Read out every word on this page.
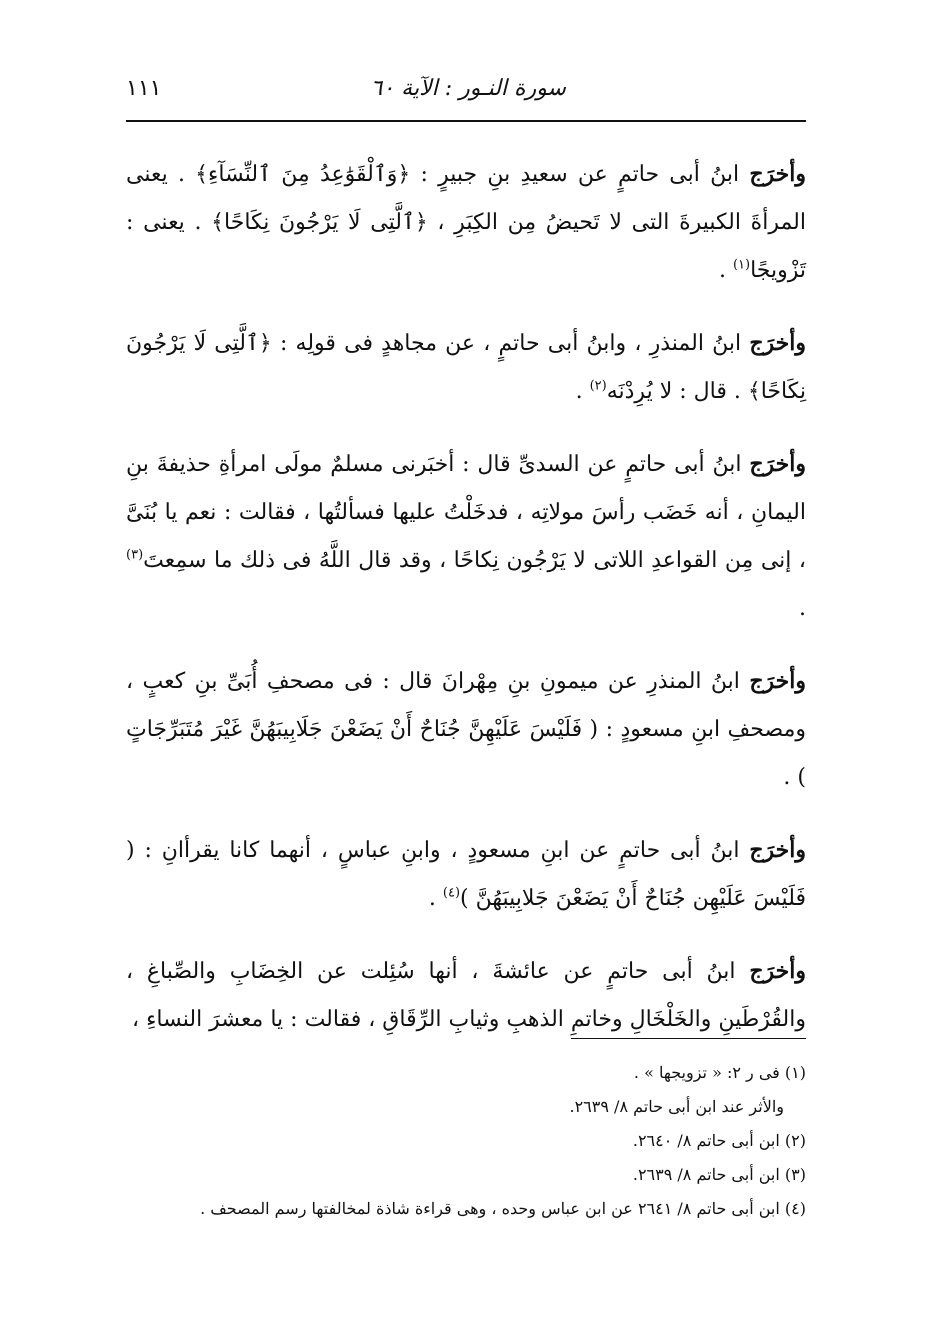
سورة النـور : الآية ٦٠
١١١

وأخرَج ابنُ أبى حاتمٍ عن سعيدِ بنِ جبيرٍ : ﴿وَٱلْقَوَٰعِدُ مِنَ ٱلنِّسَآءِ﴾ . يعنى المرأةَ الكبيرةَ التى لا تَحيضُ مِن الكِبَرِ ، ﴿ٱلَّتِى لَا يَرْجُونَ نِكَاحًا﴾ . يعنى : تَزْويجًا$^{(١)}$ .

وأخرَج ابنُ المنذرِ ، وابنُ أبى حاتمٍ ، عن مجاهدٍ فى قولِه : ﴿ٱلَّتِى لَا يَرْجُونَ نِكَاحًا﴾ . قال : لا يُرِدْنَه$^{(٢)}$ .

وأخرَج ابنُ أبى حاتمٍ عن السدىِّ قال : أخبَرنى مسلمٌ مولَى امرأةِ حذيفةَ بنِ اليمانِ ، أنه خَضَب رأسَ مولاتِه ، فدخَلْتُ عليها فسألتُها ، فقالت : نعم يا بُنَىَّ ، إنى مِن القواعدِ اللاتى لا يَرْجُون نِكاحًا ، وقد قال اللَّهُ فى ذلك ما سمِعتَ$^{(٣)}$ .

وأخرَج ابنُ المنذرِ عن ميمونِ بنِ مِهْرانَ قال : فى مصحفِ أُبَىِّ بنِ كعبٍ ، ومصحفِ ابنِ مسعودٍ : ( فَلَيْسَ عَلَيْهِنَّ جُنَاحٌ أَنْ يَضَعْنَ جَلَابِيبَهُنَّ غَيْرَ مُتَبَرِّجَاتٍ ) .

وأخرَج ابنُ أبى حاتمٍ عن ابنِ مسعودٍ ، وابنِ عباسٍ ، أنهما كانا يقرأانِ : ( فَلَيْسَ عَلَيْهِن جُنَاحٌ أَنْ يَضَعْنَ جَلابِيبَهُنَّ )$^{(٤)}$ .

وأخرَج ابنُ أبى حاتمٍ عن عائشةَ ، أنها سُئِلت عن الخِضَابِ والصِّباغِ ، والقُرْطَينِ والخَلْخَالِ وخاتمِ الذهبِ وثيابِ الرِّقَاقِ ، فقالت : يا معشرَ النساءِ ،

(١) فى ر ٢: « تزويجها » .

والأثر عند ابن أبى حاتم ٨/ ٢٦٣٩.

(٢) ابن أبى حاتم ٨/ ٢٦٤٠.

(٣) ابن أبى حاتم ٨/ ٢٦٣٩.

(٤) ابن أبى حاتم ٨/ ٢٦٤١ عن ابن عباس وحده ، وهى قراءة شاذة لمخالفتها رسم المصحف .
